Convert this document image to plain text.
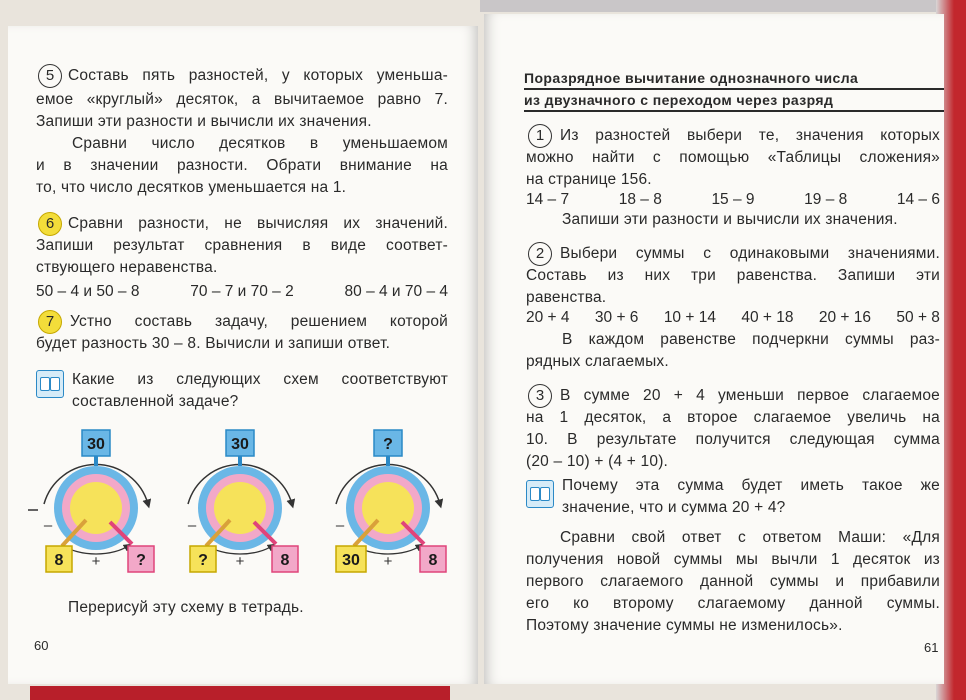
5 Составь пять разностей, у которых уменьша-
емое «круглый» десяток, а вычитаемое равно 7.
Запиши эти разности и вычисли их значения.
Сравни число десятков в уменьшаемом
и в значении разности. Обрати внимание на
то, что число десятков уменьшается на 1.
6 Сравни разности, не вычисляя их значений.
Запиши результат сравнения в виде соответ-
ствующего неравенства.
50 – 4 и 50 – 8	70 – 7 и 70 – 2	80 – 4 и 70 – 4
7	Устно составь задачу, решением которой
будет разность 30 – 8. Вычисли и запиши ответ.
Какие из следующих схем соответствуют
составленной задаче?
+
–
30
8	?	+
–
30
?	8	+
–
?
30	8
Перерисуй эту схему в тетрадь.
60
Поразрядное вычитание однозначного числа
из двузначного с переходом через разряд
1	Из разностей выбери те, значения которых
можно найти с помощью «Таблицы сложения»
на странице 156.
14 – 7	18 – 8	15 – 9	19 – 8	14 – 6
Запиши эти разности и вычисли их значения.
2	Выбери суммы с одинаковыми значениями.
Составь из них три равенства. Запиши эти
равенства.
20 + 4 30 + 6 10 + 14 40 + 18 20 + 16 50 + 8
В каждом равенстве подчеркни суммы раз-
рядных слагаемых.
3	В сумме 20 + 4 уменьши первое слагаемое
на 1 десяток, а второе слагаемое увеличь на
10. В результате получится следующая сумма
(20 – 10) + (4 + 10).
Почему эта сумма будет иметь такое же
значение, что и сумма 20 + 4?
Сравни свой ответ с ответом Маши: «Для
получения новой суммы мы вычли 1 десяток из
первого слагаемого данной суммы и прибавили
его ко второму слагаемому данной суммы.
Поэтому значение суммы не изменилось».
61
